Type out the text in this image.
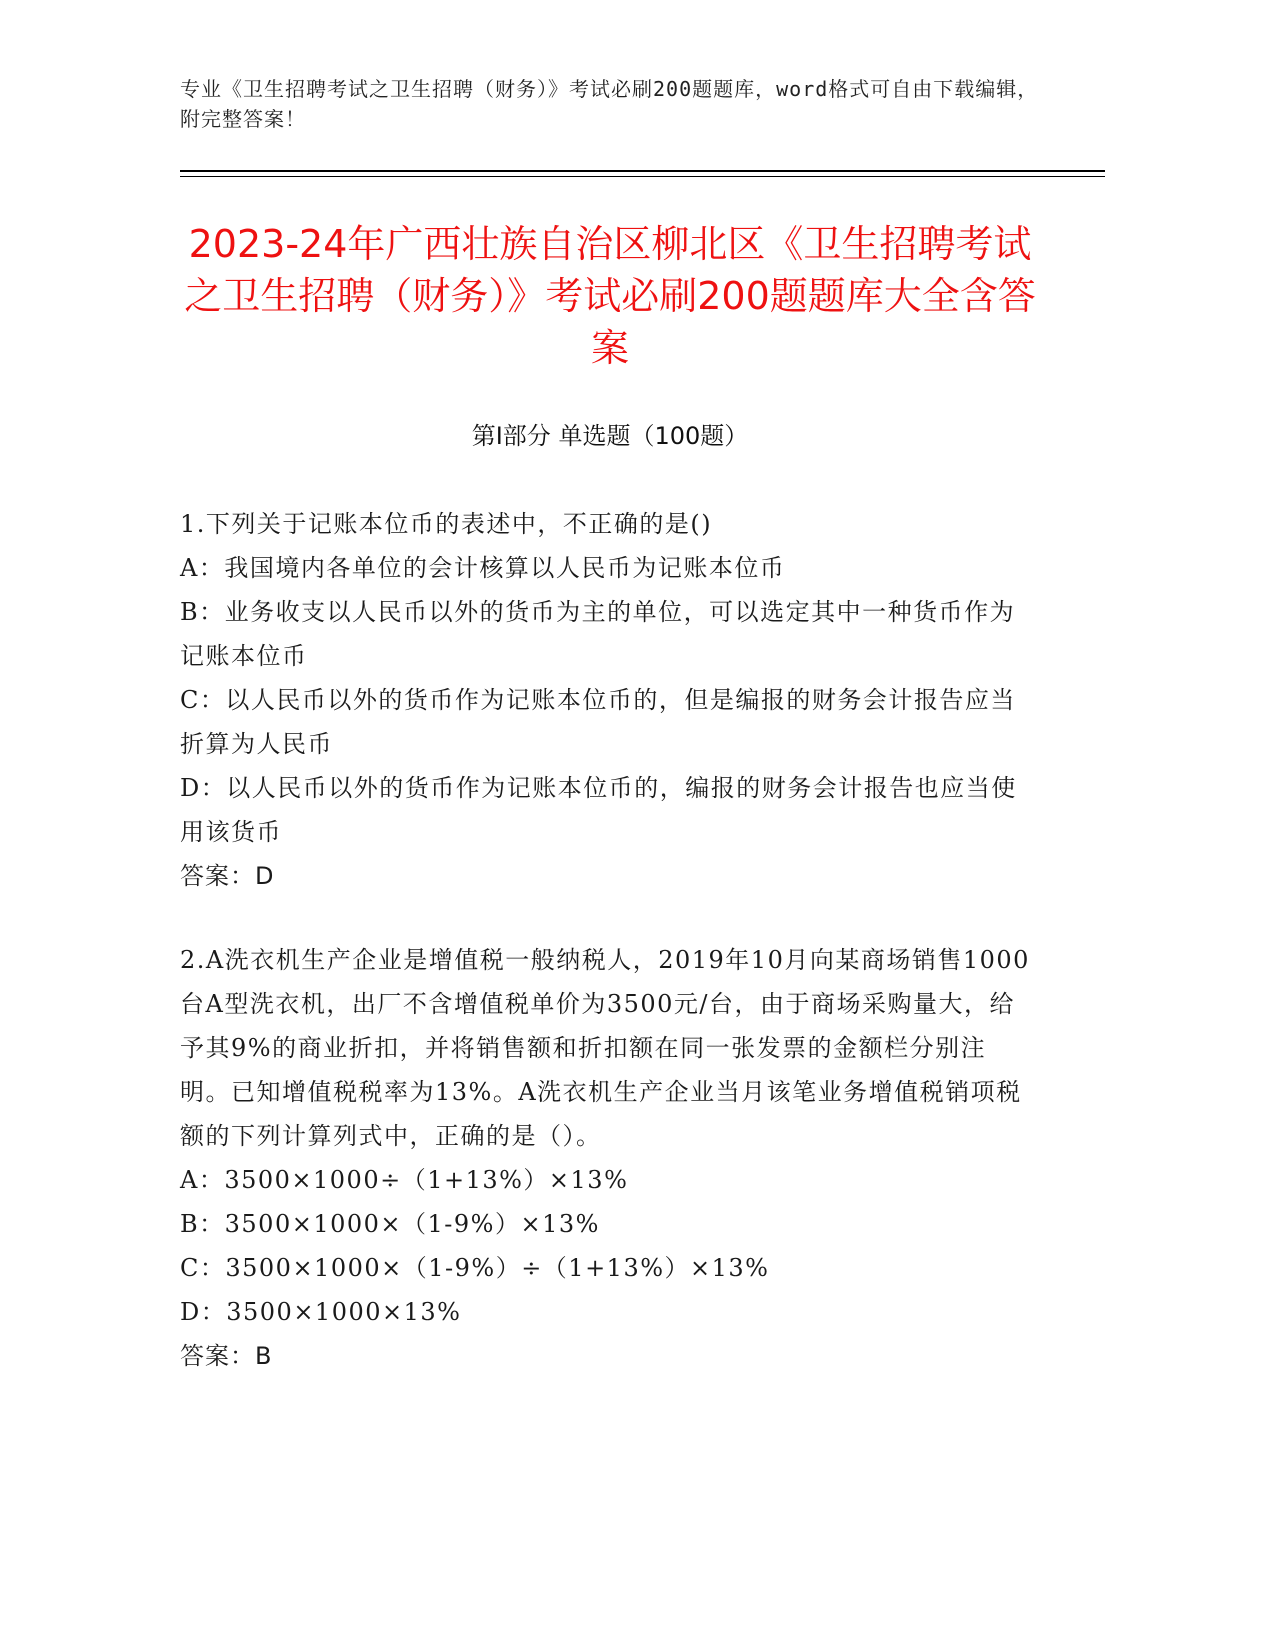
专业《卫生招聘考试之卫生招聘（财务）》考试必刷200题题库，word格式可自由下载编辑，附完整答案！
2023-24年广西壮族自治区柳北区《卫生招聘考试之卫生招聘（财务）》考试必刷200题题库大全含答案
第I部分 单选题（100题）

1.下列关于记账本位币的表述中，不正确的是()

A：我国境内各单位的会计核算以人民币为记账本位币

B：业务收支以人民币以外的货币为主的单位，可以选定其中一种货币作为记账本位币

C：以人民币以外的货币作为记账本位币的，但是编报的财务会计报告应当折算为人民币

D：以人民币以外的货币作为记账本位币的，编报的财务会计报告也应当使用该货币

答案：D

2.A洗衣机生产企业是增值税一般纳税人，2019年10月向某商场销售1000台A型洗衣机，出厂不含增值税单价为3500元/台，由于商场采购量大，给予其9%的商业折扣，并将销售额和折扣额在同一张发票的金额栏分别注明。已知增值税税率为13%。A洗衣机生产企业当月该笔业务增值税销项税额的下列计算列式中，正确的是（）。

A：3500×1000÷（1+13%）×13%

B：3500×1000×（1-9%）×13%

C：3500×1000×（1-9%）÷（1+13%）×13%

D：3500×1000×13%

答案：B
